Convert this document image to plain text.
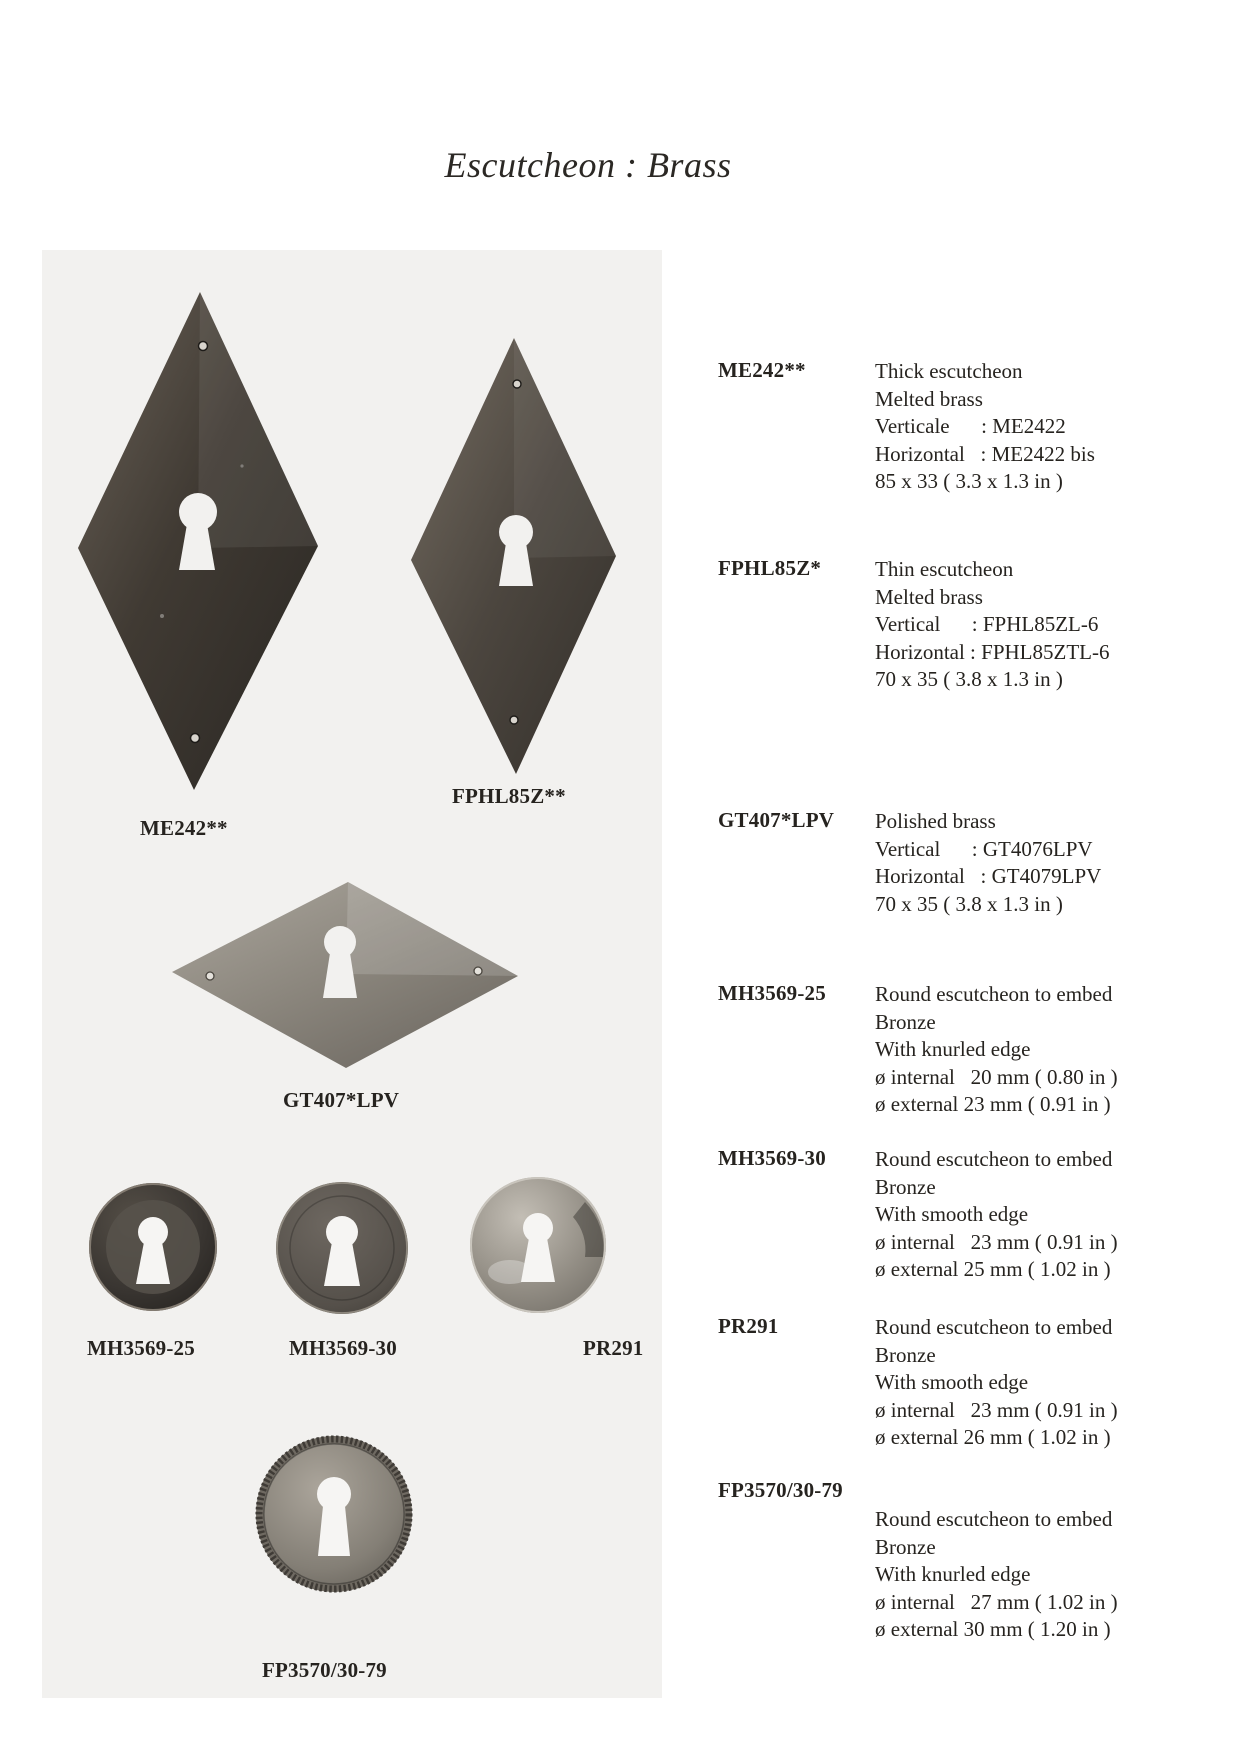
Escutcheon : Brass
ME242**
FPHL85Z**
GT407*LPV
MH3569-25	MH3569-30	PR291
FP3570/30-79
ME242**	Thick escutcheon
Melted brass
Verticale  : ME2422
Horizontal  : ME2422 bis
85 x 33 ( 3.3 x 1.3 in )
FPHL85Z*	Thin escutcheon
Melted brass
Vertical  : FPHL85ZL-6
Horizontal : FPHL85ZTL-6
70 x 35 ( 3.8 x 1.3 in )
GT407*LPV Polished brass
Vertical  : GT4076LPV
Horizontal  : GT4079LPV
70 x 35 ( 3.8 x 1.3 in )
MH3569-25 Round escutcheon to embed
Bronze
With knurled edge
ø internal  20 mm ( 0.80 in )
ø external 23 mm ( 0.91 in )
MH3569-30 Round escutcheon to embed
Bronze
With smooth edge
ø internal  23 mm ( 0.91 in )
ø external 25 mm ( 1.02 in )
PR291	Round escutcheon to embed
Bronze
With smooth edge
ø internal  23 mm ( 0.91 in )
ø external 26 mm ( 1.02 in )
FP3570/30-79
Round escutcheon to embed
Bronze
With knurled edge
ø internal  27 mm ( 1.02 in )
ø external 30 mm ( 1.20 in )
